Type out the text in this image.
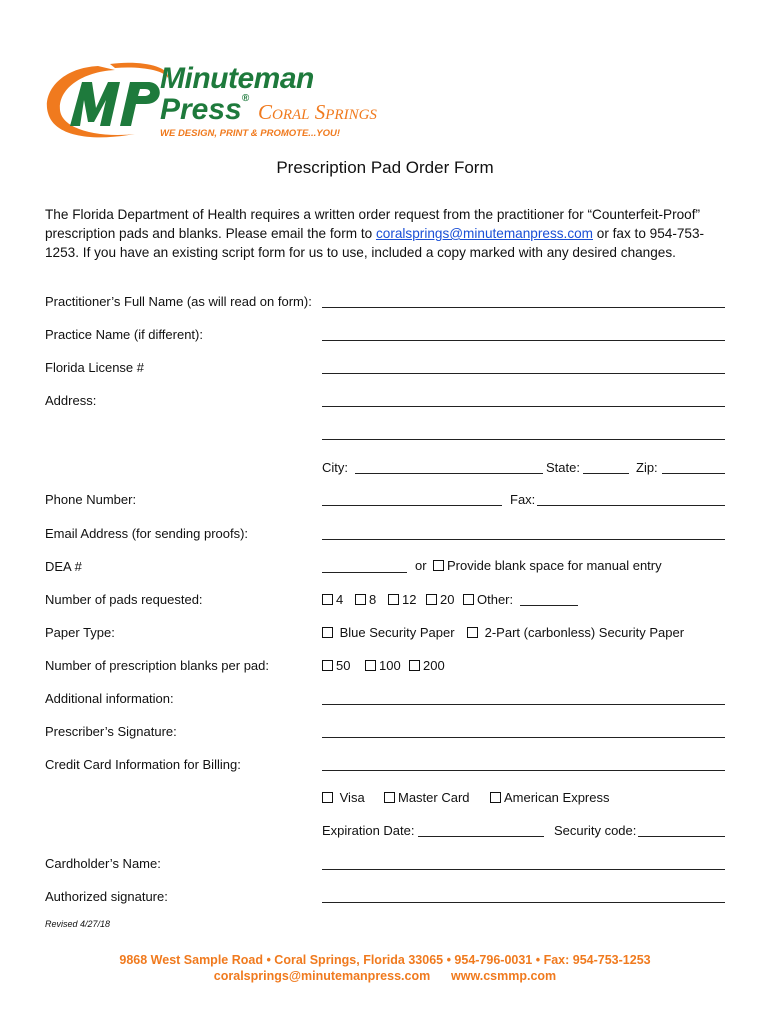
Minuteman
Press®
Coral Springs
WE DESIGN, PRINT & PROMOTE...YOU!
Prescription Pad Order Form
The Florida Department of Health requires a written order request from the practitioner for “Counterfeit-Proof” prescription pads and blanks. Please email the form to coralsprings@minutemanpress.com or fax to 954-753-1253. If you have an existing script form for us to use, included a copy marked with any desired changes.
Practitioner’s Full Name (as will read on form):
Practice Name (if different):
Florida License #
Address:
City:	State:	Zip:
Phone Number:	Fax:
Email Address (for sending proofs):
DEA #	or	Provide blank space for manual entry
Number of pads requested:	4	8	12	20	Other:
Paper Type:	Blue Security Paper	2-Part (carbonless) Security Paper
Number of prescription blanks per pad:	50	100	200
Additional information:
Prescriber’s Signature:
Credit Card Information for Billing:
Visa	Master Card	American Express
Expiration Date:	Security code:
Cardholder’s Name:
Authorized signature:
Revised 4/27/18
9868 West Sample Road • Coral Springs, Florida 33065 • 954-796-0031 • Fax: 954-753-1253
coralsprings@minutemanpress.com      www.csmmp.com
